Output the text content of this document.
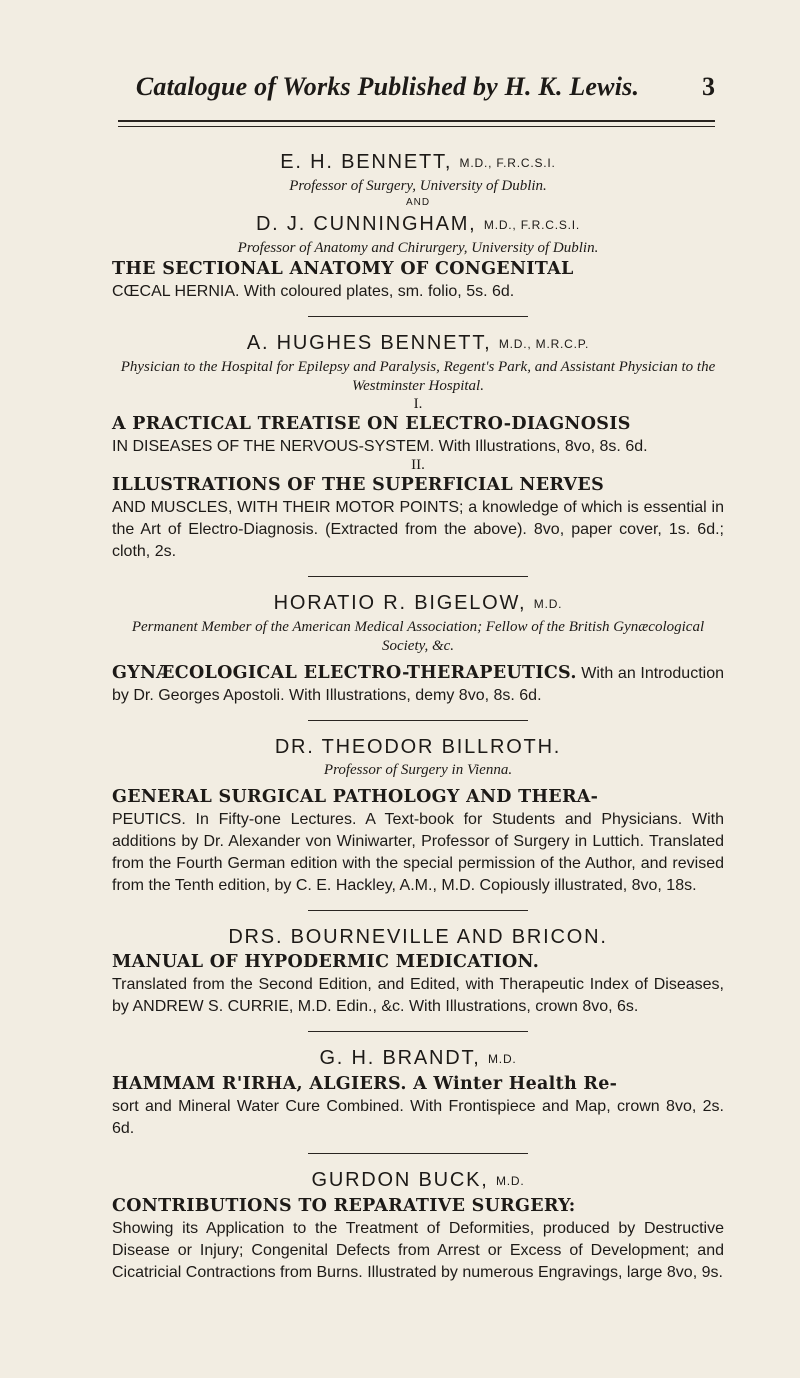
Catalogue of Works Published by H. K. Lewis.	3
E. H. BENNETT, M.D., F.R.C.S.I.
Professor of Surgery, University of Dublin.
AND
D. J. CUNNINGHAM, M.D., F.R.C.S.I.
Professor of Anatomy and Chirurgery, University of Dublin.
THE SECTIONAL ANATOMY OF CONGENITAL
CŒCAL HERNIA. With coloured plates, sm. folio, 5s. 6d.
A. HUGHES BENNETT, M.D., M.R.C.P.
Physician to the Hospital for Epilepsy and Paralysis, Regent's Park, and Assistant Physician to the Westminster Hospital.
I.
A PRACTICAL TREATISE ON ELECTRO-DIAGNOSIS
IN DISEASES OF THE NERVOUS-SYSTEM. With Illustrations, 8vo, 8s. 6d.
II.
ILLUSTRATIONS OF THE SUPERFICIAL NERVES
AND MUSCLES, WITH THEIR MOTOR POINTS; a knowledge of which is essential in the Art of Electro-Diagnosis. (Extracted from the above). 8vo, paper cover, 1s. 6d.; cloth, 2s.
HORATIO R. BIGELOW, M.D.
Permanent Member of the American Medical Association; Fellow of the British Gynæcological Society, &c.
GYNÆCOLOGICAL ELECTRO-THERAPEUTICS. With an Introduction by Dr. Georges Apostoli. With Illustrations, demy 8vo, 8s. 6d.
DR. THEODOR BILLROTH.
Professor of Surgery in Vienna.
GENERAL SURGICAL PATHOLOGY AND THERA-
PEUTICS. In Fifty-one Lectures. A Text-book for Students and Physicians. With additions by Dr. Alexander von Winiwarter, Professor of Surgery in Luttich. Translated from the Fourth German edition with the special permission of the Author, and revised from the Tenth edition, by C. E. Hackley, A.M., M.D. Copiously illustrated, 8vo, 18s.
DRS. BOURNEVILLE AND BRICON.
MANUAL OF HYPODERMIC MEDICATION.
Translated from the Second Edition, and Edited, with Therapeutic Index of Diseases, by ANDREW S. CURRIE, M.D. Edin., &c. With Illustrations, crown 8vo, 6s.
G. H. BRANDT, M.D.
HAMMAM R'IRHA, ALGIERS. A Winter Health Re-
sort and Mineral Water Cure Combined. With Frontispiece and Map, crown 8vo, 2s. 6d.
GURDON BUCK, M.D.
CONTRIBUTIONS TO REPARATIVE SURGERY:
Showing its Application to the Treatment of Deformities, produced by Destructive Disease or Injury; Congenital Defects from Arrest or Excess of Development; and Cicatricial Contractions from Burns. Illustrated by numerous Engravings, large 8vo, 9s.
